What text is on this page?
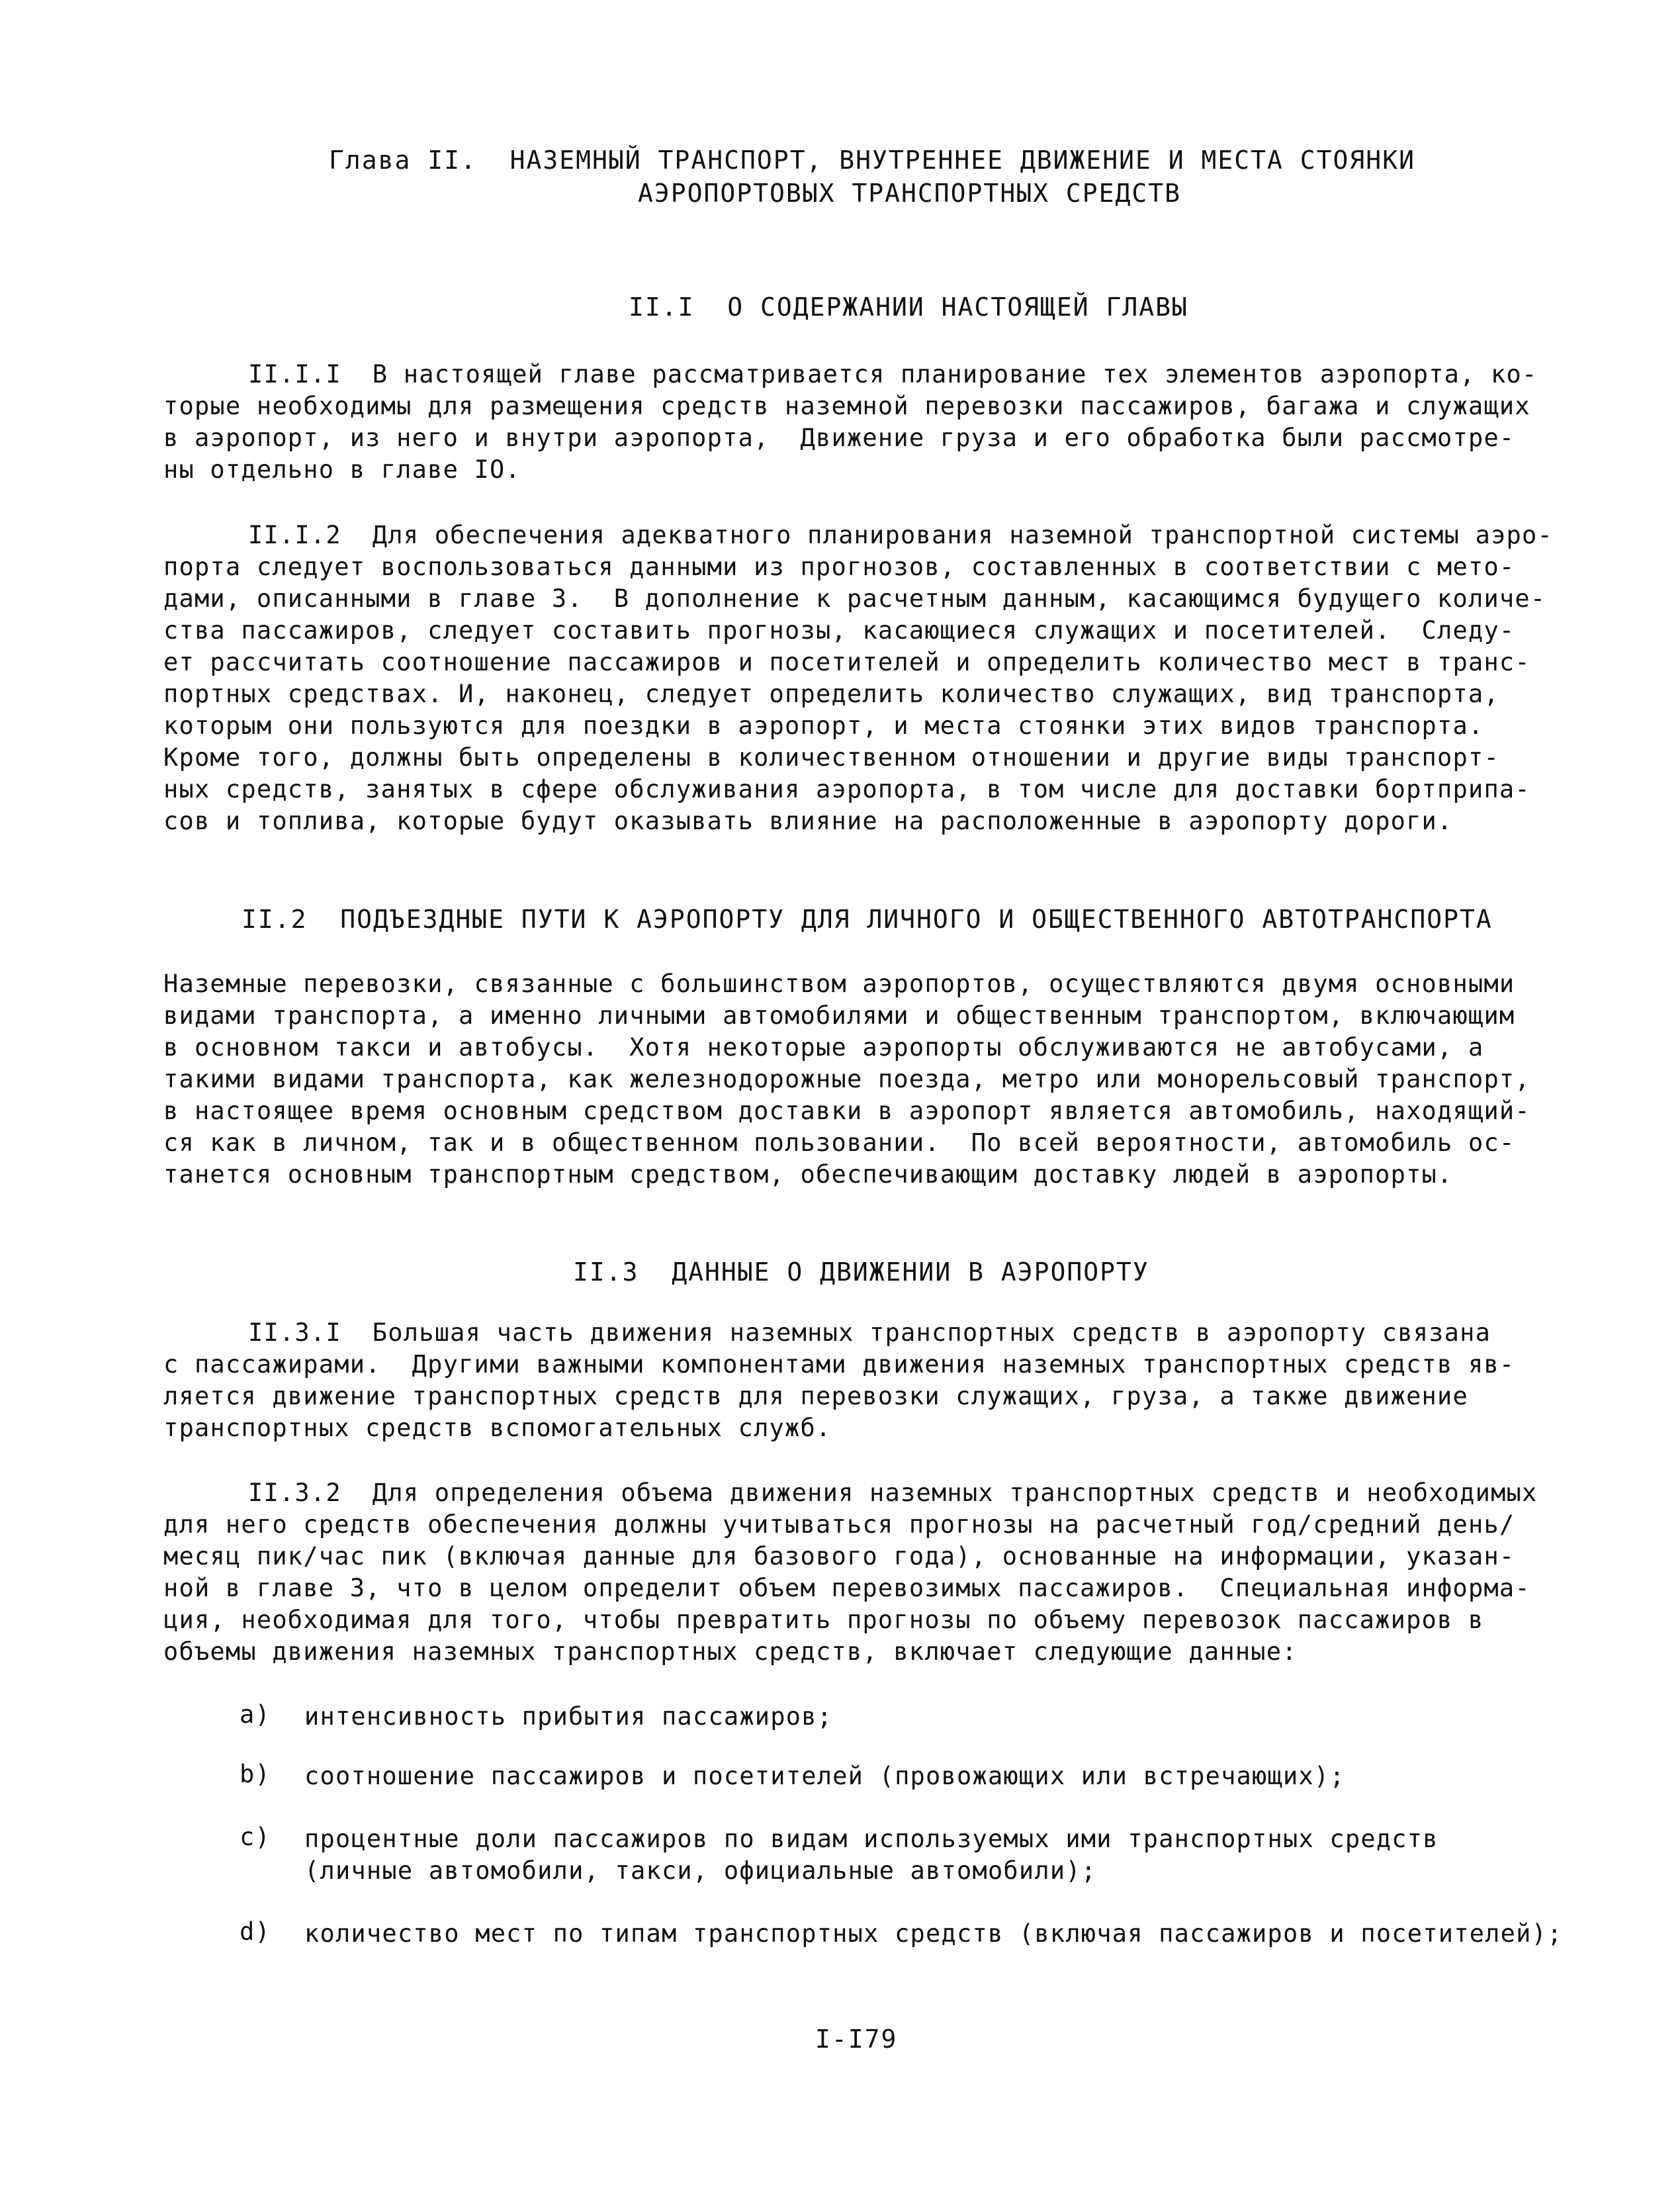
Глава II.  НАЗЕМНЫЙ ТРАНСПОРТ, ВНУТРЕННЕЕ ДВИЖЕНИЕ И МЕСТА СТОЯНКИ
АЭРОПОРТОВЫХ ТРАНСПОРТНЫХ СРЕДСТВ
II.I  О СОДЕРЖАНИИ НАСТОЯЩЕЙ ГЛАВЫ
II.I.I  В настоящей главе рассматривается планирование тех элементов аэропорта, ко-
торые необходимы для размещения средств наземной перевозки пассажиров, багажа и служащих
в аэропорт, из него и внутри аэропорта,  Движение груза и его обработка были рассмотре-
ны отдельно в главе IO.
II.I.2  Для обеспечения адекватного планирования наземной транспортной системы аэро-
порта следует воспользоваться данными из прогнозов, составленных в соответствии с мето-
дами, описанными в главе 3.  В дополнение к расчетным данным, касающимся будущего количе-
ства пассажиров, следует составить прогнозы, касающиеся служащих и посетителей.  Следу-
ет рассчитать соотношение пассажиров и посетителей и определить количество мест в транс-
портных средствах. И, наконец, следует определить количество служащих, вид транспорта,
которым они пользуются для поездки в аэропорт, и места стоянки этих видов транспорта.
Кроме того, должны быть определены в количественном отношении и другие виды транспорт-
ных средств, занятых в сфере обслуживания аэропорта, в том числе для доставки бортприпа-
сов и топлива, которые будут оказывать влияние на расположенные в аэропорту дороги.
II.2  ПОДЪЕЗДНЫЕ ПУТИ К АЭРОПОРТУ ДЛЯ ЛИЧНОГО И ОБЩЕСТВЕННОГО АВТОТРАНСПОРТА
Наземные перевозки, связанные с большинством аэропортов, осуществляются двумя основными
видами транспорта, а именно личными автомобилями и общественным транспортом, включающим
в основном такси и автобусы.  Хотя некоторые аэропорты обслуживаются не автобусами, а
такими видами транспорта, как железнодорожные поезда, метро или монорельсовый транспорт,
в настоящее время основным средством доставки в аэропорт является автомобиль, находящий-
ся как в личном, так и в общественном пользовании.  По всей вероятности, автомобиль ос-
танется основным транспортным средством, обеспечивающим доставку людей в аэропорты.
II.3  ДАННЫЕ О ДВИЖЕНИИ В АЭРОПОРТУ
II.3.I  Большая часть движения наземных транспортных средств в аэропорту связана
с пассажирами.  Другими важными компонентами движения наземных транспортных средств яв-
ляется движение транспортных средств для перевозки служащих, груза, а также движение
транспортных средств вспомогательных служб.
II.3.2  Для определения объема движения наземных транспортных средств и необходимых
для него средств обеспечения должны учитываться прогнозы на расчетный год/средний день/
месяц пик/час пик (включая данные для базового года), основанные на информации, указан-
ной в главе 3, что в целом определит объем перевозимых пассажиров.  Специальная информа-
ция, необходимая для того, чтобы превратить прогнозы по объему перевозок пассажиров в
объемы движения наземных транспортных средств, включает следующие данные:
a) интенсивность прибытия пассажиров;
b) соотношение пассажиров и посетителей (провожающих или встречающих);
c) процентные доли пассажиров по видам используемых ими транспортных средств
(личные автомобили, такси, официальные автомобили);
d) количество мест по типам транспортных средств (включая пассажиров и посетителей);
I-I79
